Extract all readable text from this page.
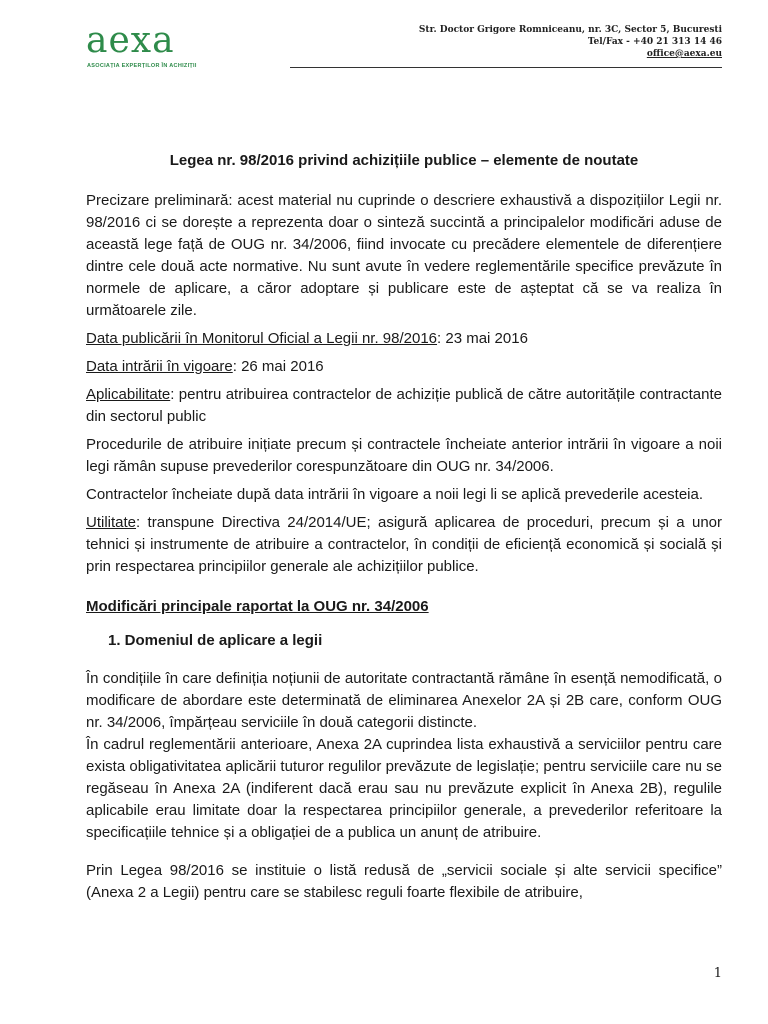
aexa
ASOCIAȚIA EXPERȚILOR ÎN ACHIZIȚII
Str. Doctor Grigore Romniceanu, nr. 3C, Sector 5, Bucuresti
Tel/Fax - +40 21 313 14 46
office@aexa.eu
Legea nr. 98/2016 privind achizițiile publice – elemente de noutate

Precizare preliminară: acest material nu cuprinde o descriere exhaustivă a dispozițiilor Legii nr. 98/2016 ci se dorește a reprezenta doar o sinteză succintă a principalelor modificări aduse de această lege față de OUG nr. 34/2006, fiind invocate cu precădere elementele de diferențiere dintre cele două acte normative. Nu sunt avute în vedere reglementările specifice prevăzute în normele de aplicare, a căror adoptare și publicare este de așteptat că se va realiza în următoarele zile.

Data publicării în Monitorul Oficial a Legii nr. 98/2016: 23 mai 2016

Data intrării în vigoare: 26 mai 2016

Aplicabilitate: pentru atribuirea contractelor de achiziție publică de către autoritățile contractante din sectorul public

Procedurile de atribuire inițiate precum și contractele încheiate anterior intrării în vigoare a noii legi rămân supuse prevederilor corespunzătoare din OUG nr. 34/2006.

Contractelor încheiate după data intrării în vigoare a noii legi li se aplică prevederile acesteia.

Utilitate: transpune Directiva 24/2014/UE; asigură aplicarea de proceduri, precum și a unor tehnici și instrumente de atribuire a contractelor, în condiții de eficiență economică și socială și prin respectarea principiilor generale ale achizițiilor publice.

Modificări principale raportat la OUG nr. 34/2006
1. Domeniul de aplicare a legii

În condițiile în care definiția noțiunii de autoritate contractantă rămâne în esență nemodificată, o modificare de abordare este determinată de eliminarea Anexelor 2A și 2B care, conform OUG nr. 34/2006, împărțeau serviciile în două categorii distincte.

În cadrul reglementării anterioare, Anexa 2A cuprindea lista exhaustivă a serviciilor pentru care exista obligativitatea aplicării tuturor regulilor prevăzute de legislație; pentru serviciile care nu se regăseau în Anexa 2A (indiferent dacă erau sau nu prevăzute explicit în Anexa 2B), regulile aplicabile erau limitate doar la respectarea principiilor generale, a prevederilor referitoare la specificațiile tehnice și a obligației de a publica un anunț de atribuire.

Prin Legea 98/2016 se instituie o listă redusă de „servicii sociale și alte servicii specifice” (Anexa 2 a Legii) pentru care se stabilesc reguli foarte flexibile de atribuire,

1
